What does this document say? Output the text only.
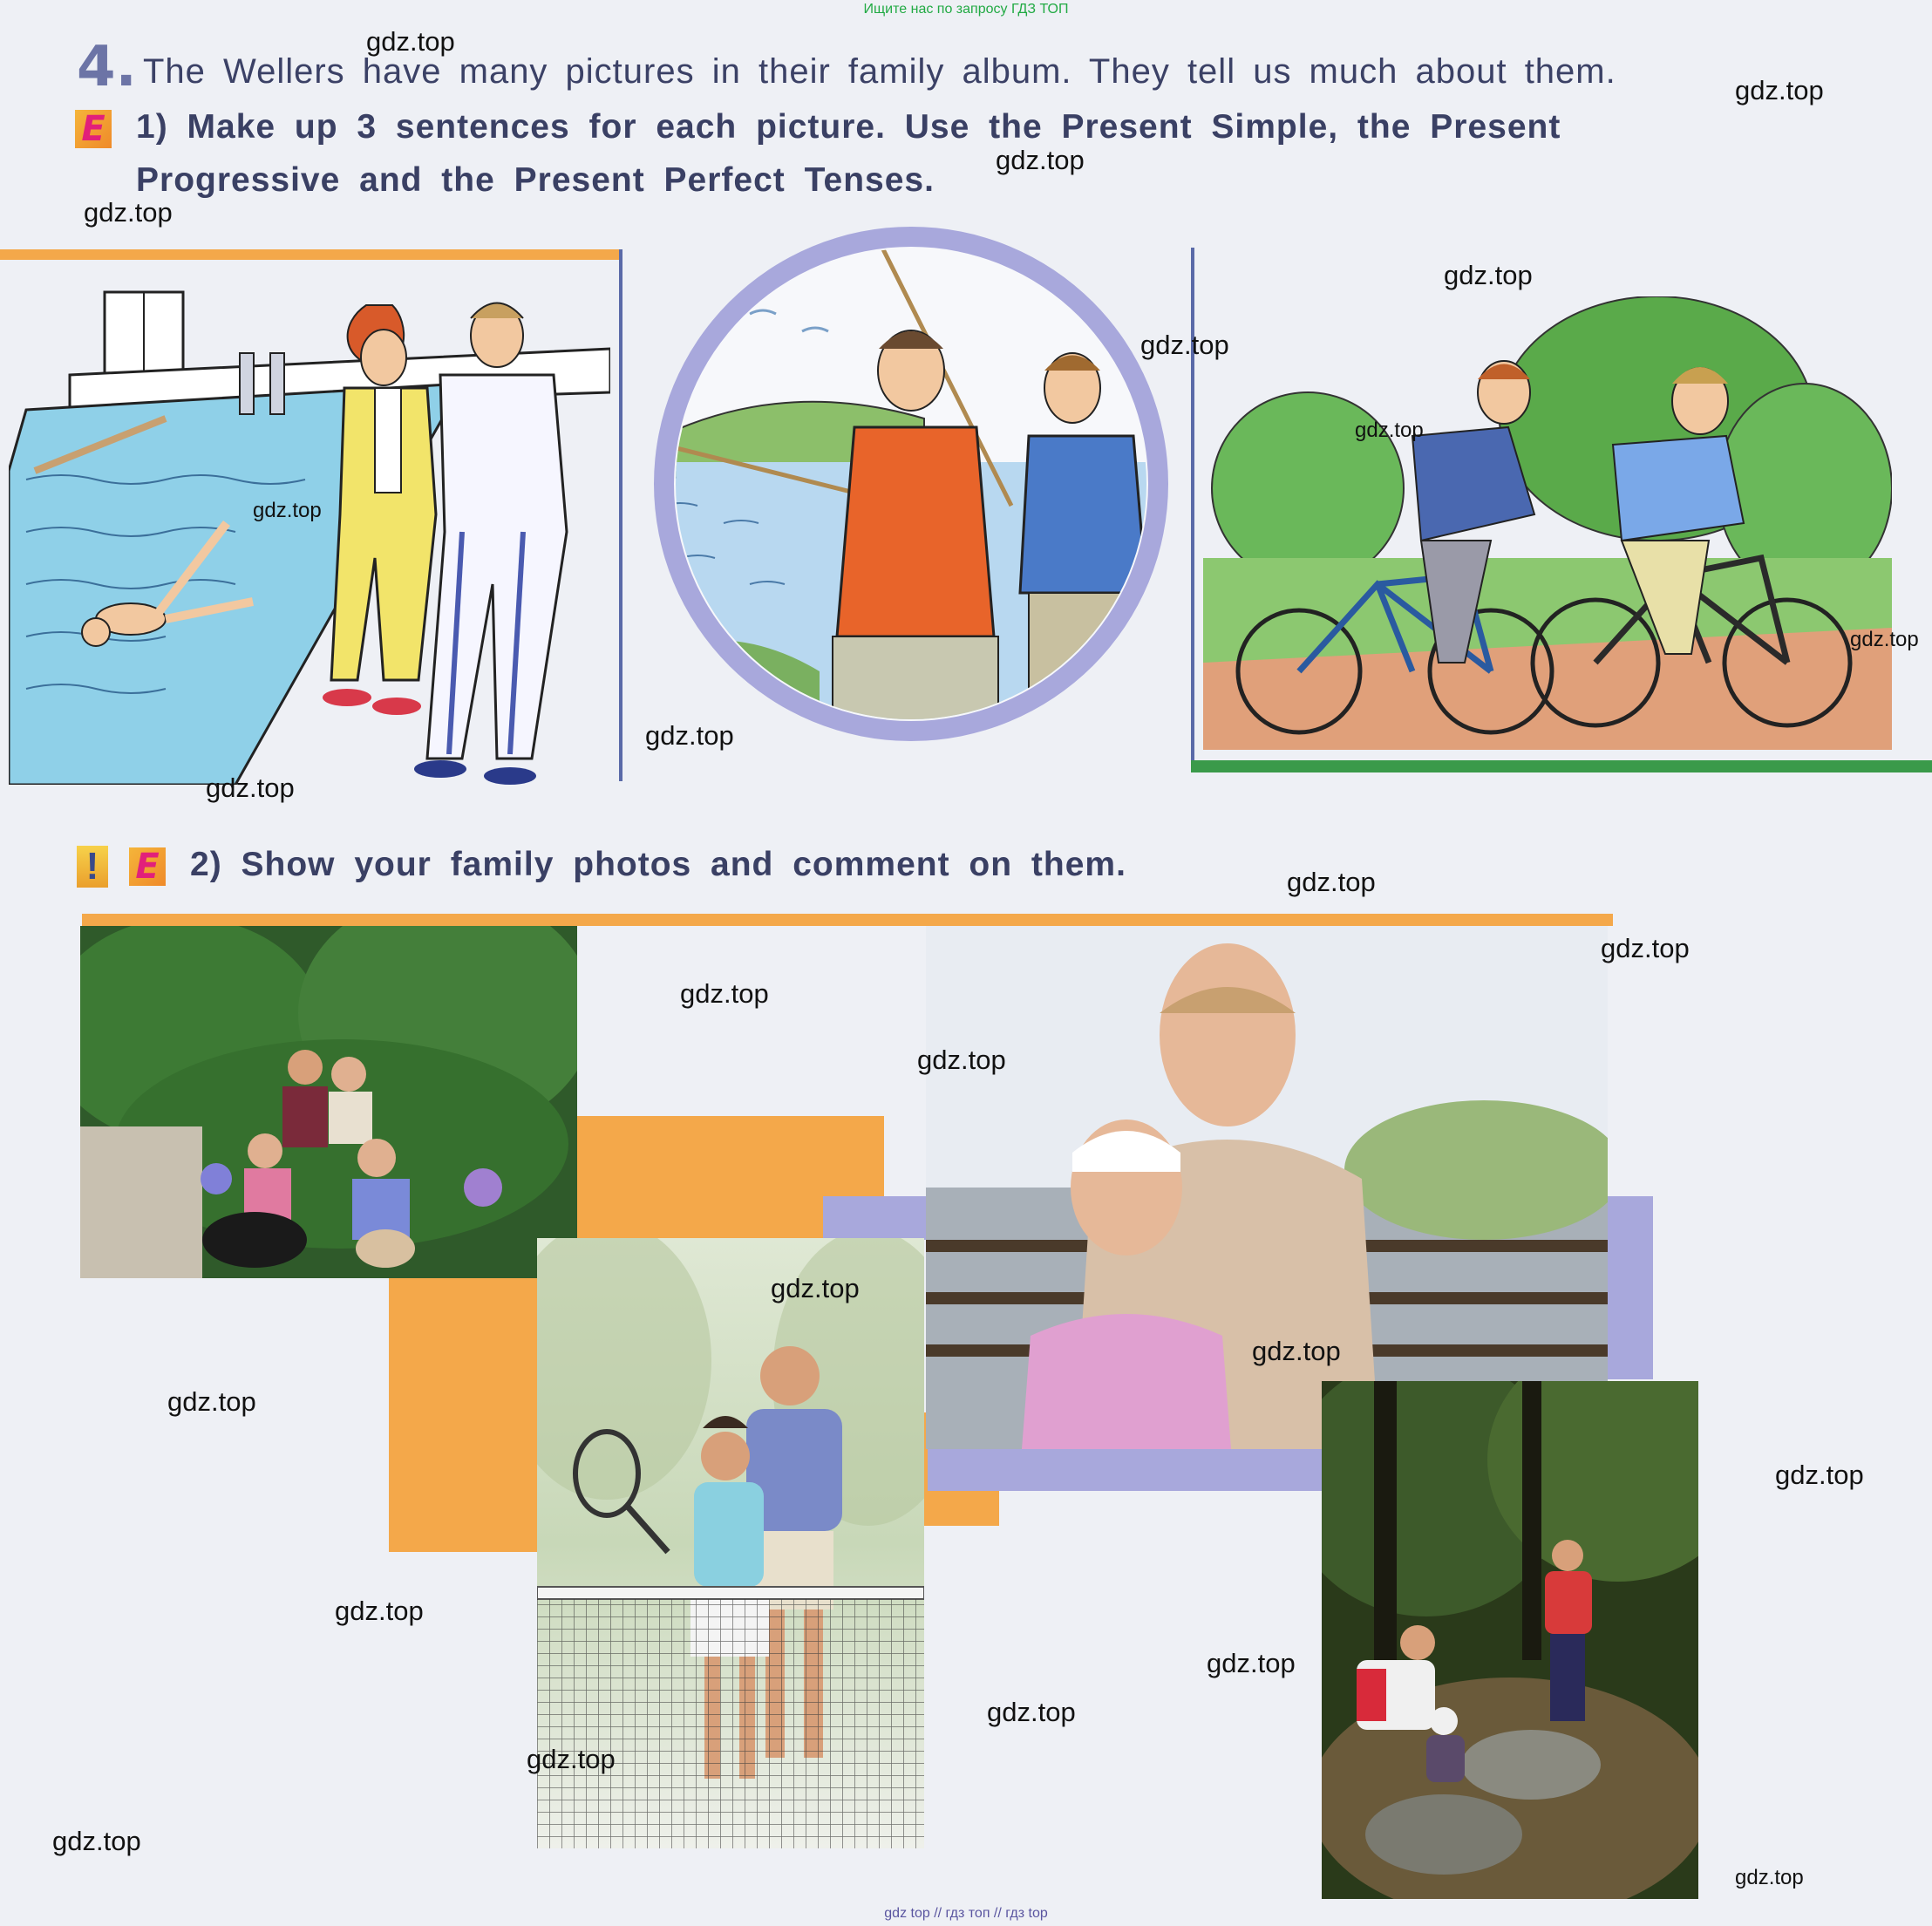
Ищите нас по запросу ГДЗ ТОП
4. The Wellers have many pictures in their family album. They tell us much about them.
E 1) Make up 3 sentences for each picture. Use the Present Simple, the Present
Progressive and the Present Perfect Tenses.
! E 2) Show your family photos and comment on them.
gdz.top
gdz.top
gdz.top
gdz.top
gdz.top
gdz.top
gdz.top
gdz.top
gdz.top
gdz.top
gdz.top
gdz.top
gdz.top
gdz.top
gdz.top
gdz.top
gdz.top
gdz.top
gdz.top
gdz.top
gdz.top
gdz.top
gdz.top
gdz.top
gdz.top
gdz top // гдз топ // гдз top
